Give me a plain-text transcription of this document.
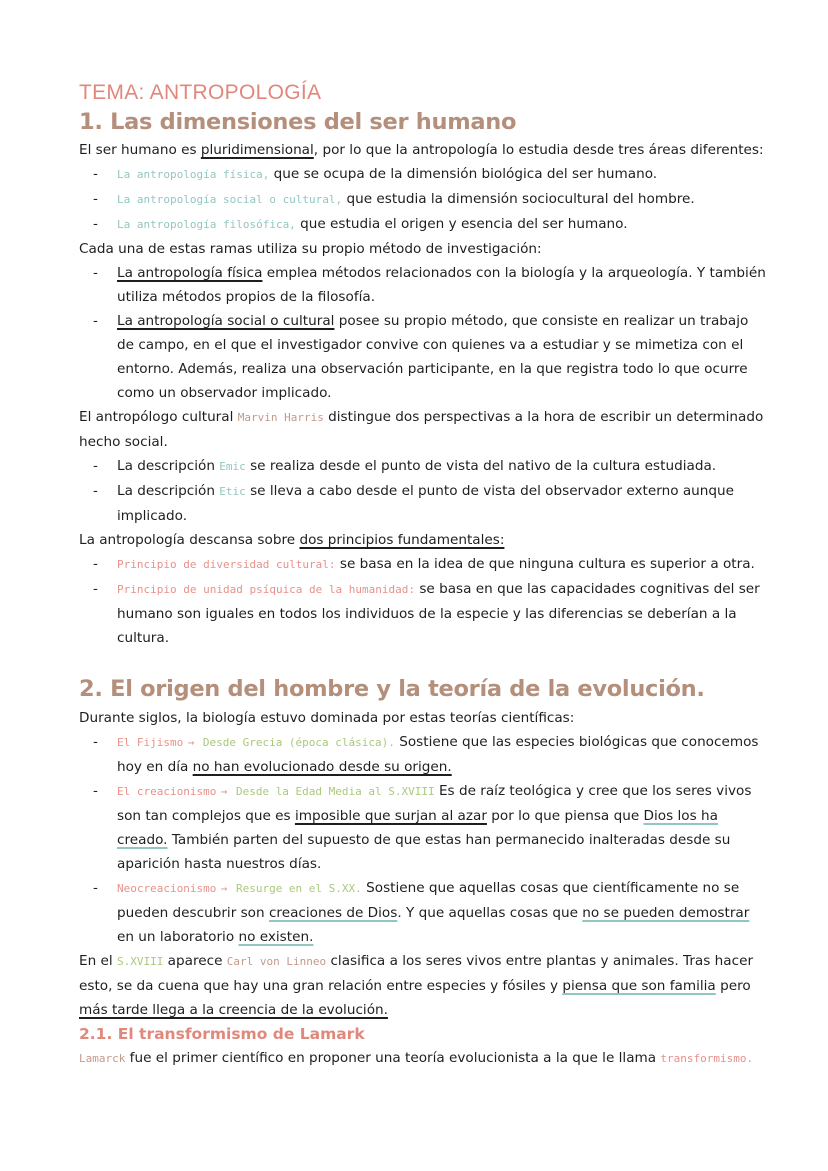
TEMA: ANTROPOLOGÍA
1. Las dimensiones del ser humano

El ser humano es pluridimensional, por lo que la antropología lo estudia desde tres áreas diferentes:

- La antropología física, que se ocupa de la dimensión biológica del ser humano.
- La antropología social o cultural, que estudia la dimensión sociocultural del hombre.
- La antropología filosófica, que estudia el origen y esencia del ser humano.

Cada una de estas ramas utiliza su propio método de investigación:

- La antropología física emplea métodos relacionados con la biología y la arqueología. Y también utiliza métodos propios de la filosofía.
- La antropología social o cultural posee su propio método, que consiste en realizar un trabajo de campo, en el que el investigador convive con quienes va a estudiar y se mimetiza con el entorno. Además, realiza una observación participante, en la que registra todo lo que ocurre como un observador implicado.

El antropólogo cultural Marvin Harris distingue dos perspectivas a la hora de escribir un determinado hecho social.

- La descripción Emic se realiza desde el punto de vista del nativo de la cultura estudiada.
- La descripción Etic se lleva a cabo desde el punto de vista del observador externo aunque implicado.

La antropología descansa sobre dos principios fundamentales:

- Principio de diversidad cultural: se basa en la idea de que ninguna cultura es superior a otra.
- Principio de unidad psíquica de la humanidad: se basa en que las capacidades cognitivas del ser humano son iguales en todos los individuos de la especie y las diferencias se deberían a la cultura.
2. El origen del hombre y la teoría de la evolución.

Durante siglos, la biología estuvo dominada por estas teorías científicas:

- El Fijismo → Desde Grecia (época clásica). Sostiene que las especies biológicas que conocemos hoy en día no han evolucionado desde su origen.
- El creacionismo → Desde la Edad Media al S.XVIII Es de raíz teológica y cree que los seres vivos son tan complejos que es imposible que surjan al azar por lo que piensa que Dios los ha creado. También parten del supuesto de que estas han permanecido inalteradas desde su aparición hasta nuestros días.
- Neocreacionismo → Resurge en el S.XX. Sostiene que aquellas cosas que científicamente no se pueden descubrir son creaciones de Dios. Y que aquellas cosas que no se pueden demostrar en un laboratorio no existen.

En el S.XVIII aparece Carl von Linneo clasifica a los seres vivos entre plantas y animales. Tras hacer esto, se da cuena que hay una gran relación entre especies y fósiles y piensa que son familia pero más tarde llega a la creencia de la evolución.

2.1. El transformismo de Lamark

Lamarck fue el primer científico en proponer una teoría evolucionista a la que le llama transformismo.
